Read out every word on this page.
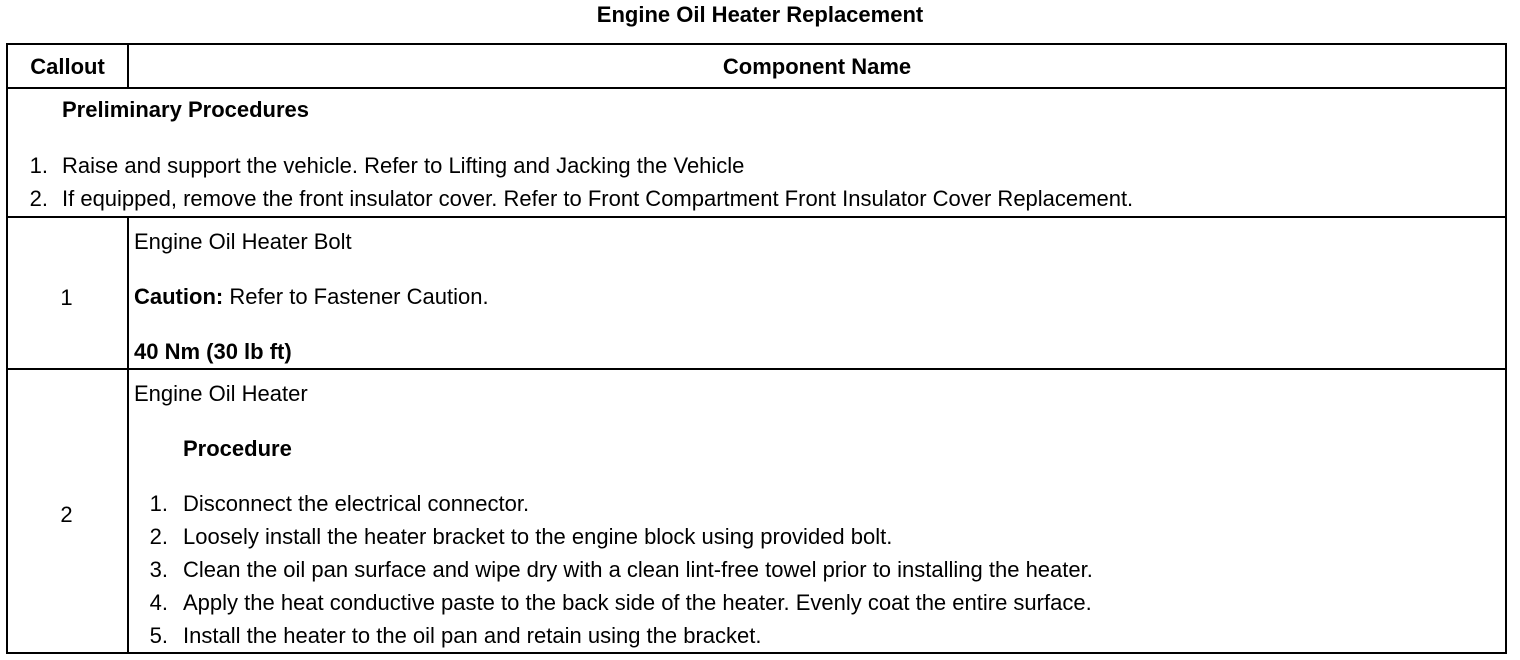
Engine Oil Heater Replacement
Callout	Component Name
Preliminary Procedures
1. Raise and support the vehicle. Refer to Lifting and Jacking the Vehicle
2. If equipped, remove the front insulator cover. Refer to Front Compartment Front Insulator Cover Replacement.
1
Engine Oil Heater Bolt
Caution: Refer to Fastener Caution.
40 Nm (30 lb ft)
2
Engine Oil Heater
Procedure
1. Disconnect the electrical connector.
2. Loosely install the heater bracket to the engine block using provided bolt.
3. Clean the oil pan surface and wipe dry with a clean lint-free towel prior to installing the heater.
4. Apply the heat conductive paste to the back side of the heater. Evenly coat the entire surface.
5. Install the heater to the oil pan and retain using the bracket.
